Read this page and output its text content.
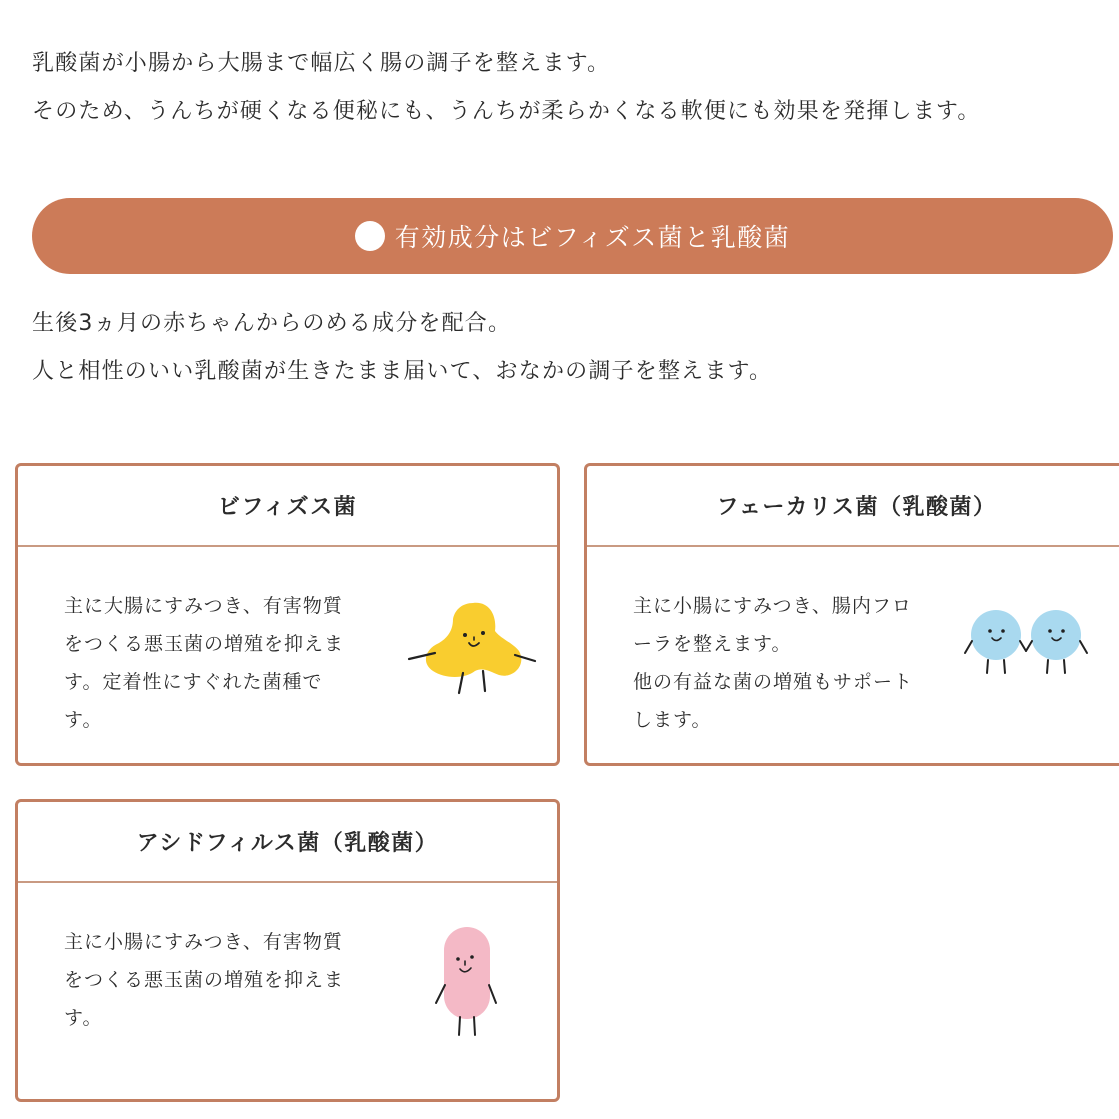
乳酸菌が小腸から大腸まで幅広く腸の調子を整えます。

そのため、うんちが硬くなる便秘にも、うんちが柔らかくなる軟便にも効果を発揮します。

有効成分はビフィズス菌と乳酸菌

生後3ヵ月の赤ちゃんからのめる成分を配合。

人と相性のいい乳酸菌が生きたまま届いて、おなかの調子を整えます。

ビフィズス菌
主に大腸にすみつき、有害物質
をつくる悪玉菌の増殖を抑えま
す。定着性にすぐれた菌種で
す。
フェーカリス菌（乳酸菌）
主に小腸にすみつき、腸内フロ
ーラを整えます。
他の有益な菌の増殖もサポート
します。
アシドフィルス菌（乳酸菌）
主に小腸にすみつき、有害物質
をつくる悪玉菌の増殖を抑えま
す。
